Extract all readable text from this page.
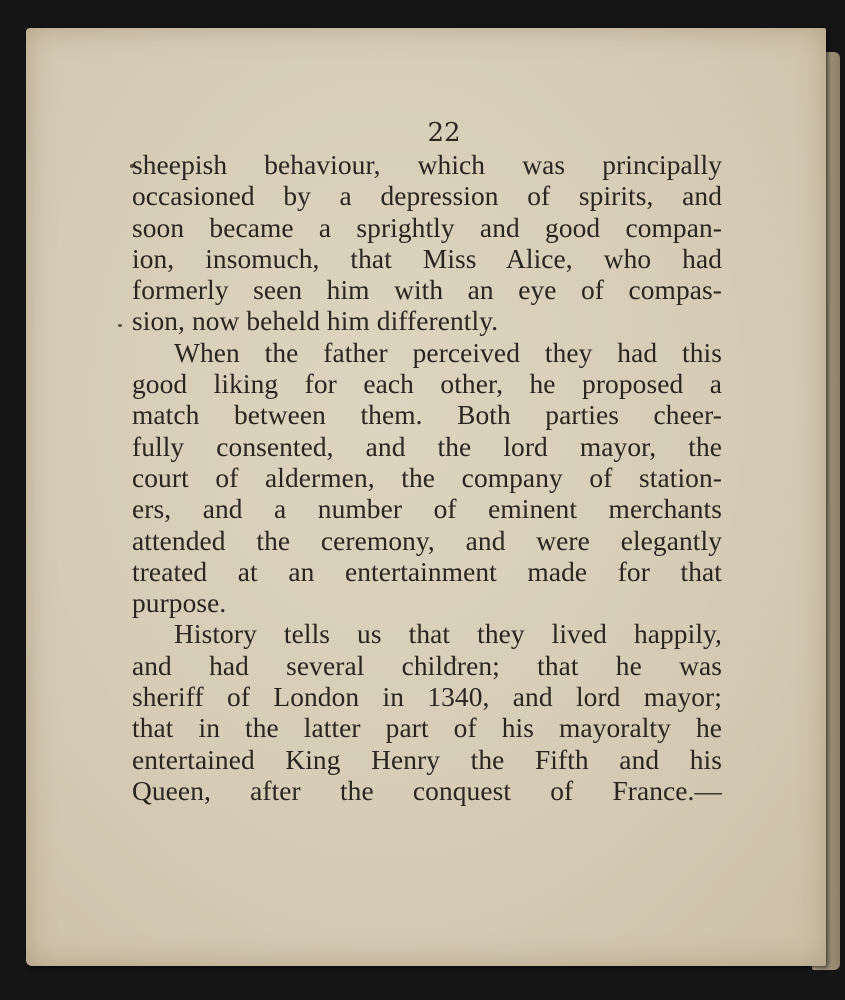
22
sheepish behaviour, which was principally
occasioned by a depression of spirits, and
soon became a sprightly and good compan-
ion, insomuch, that Miss Alice, who had
formerly seen him with an eye of compas-
sion, now beheld him differently.
When the father perceived they had this
good liking for each other, he proposed a
match between them. Both parties cheer-
fully consented, and the lord mayor, the
court of aldermen, the company of station-
ers, and a number of eminent merchants
attended the ceremony, and were elegantly
treated at an entertainment made for that
purpose.
History tells us that they lived happily,
and had several children; that he was
sheriff of London in 1340, and lord mayor;
that in the latter part of his mayoralty he
entertained King Henry the Fifth and his
Queen, after the conquest of France.—
